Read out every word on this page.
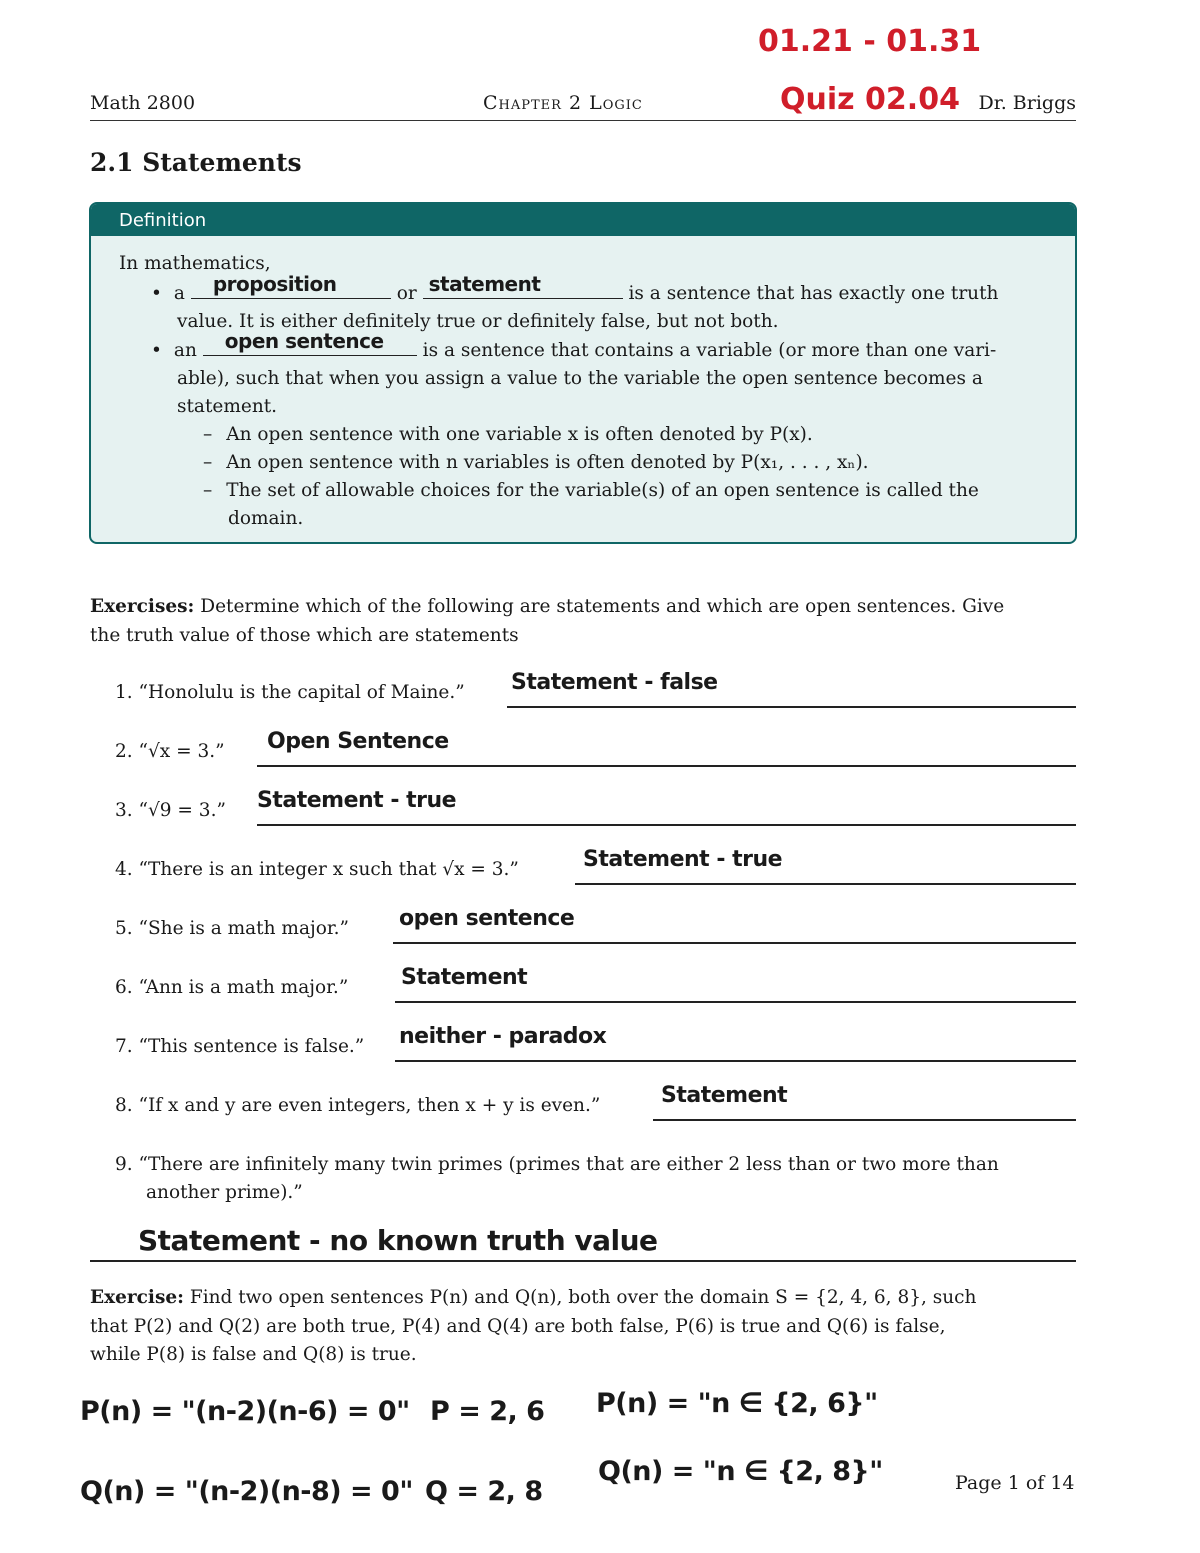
01.21 - 01.31
Quiz 02.04
Math 2800	Chapter 2 Logic	Dr. Briggs
2.1 Statements
Definition
In mathematics,
• a proposition	or statement	is a sentence that has exactly one truth
value. It is either definitely true or definitely false, but not both.
• an open sentence is a sentence that contains a variable (or more than one vari-
able), such that when you assign a value to the variable the open sentence becomes a
statement.
– An open sentence with one variable x is often denoted by P(x).
– An open sentence with n variables is often denoted by P(x₁, . . . , xₙ).
– The set of allowable choices for the variable(s) of an open sentence is called the
domain.
Exercises: Determine which of the following are statements and which are open sentences. Give
the truth value of those which are statements
1. “Honolulu is the capital of Maine.” Statement - false
2. “√x = 3.” Open Sentence
3. “√9 = 3.” Statement - true
4. “There is an integer x such that √x = 3.”	Statement - true
5. “She is a math major.” open sentence
6. “Ann is a math major.” Statement
7. “This sentence is false.” neither - paradox
8. “If x and y are even integers, then x + y is even.”	Statement
9. “There are infinitely many twin primes (primes that are either 2 less than or two more than
another prime).”
Statement - no known truth value
Exercise: Find two open sentences P(n) and Q(n), both over the domain S = {2, 4, 6, 8}, such
that P(2) and Q(2) are both true, P(4) and Q(4) are both false, P(6) is true and Q(6) is false,
while P(8) is false and Q(8) is true.
P(n) = "(n-2)(n-6) = 0"
Q(n) = "(n-2)(n-8) = 0"
P = 2, 6
Q = 2, 8
P(n) = "n ∈ {2, 6}"
Q(n) = "n ∈ {2, 8}"	Page 1 of 14
